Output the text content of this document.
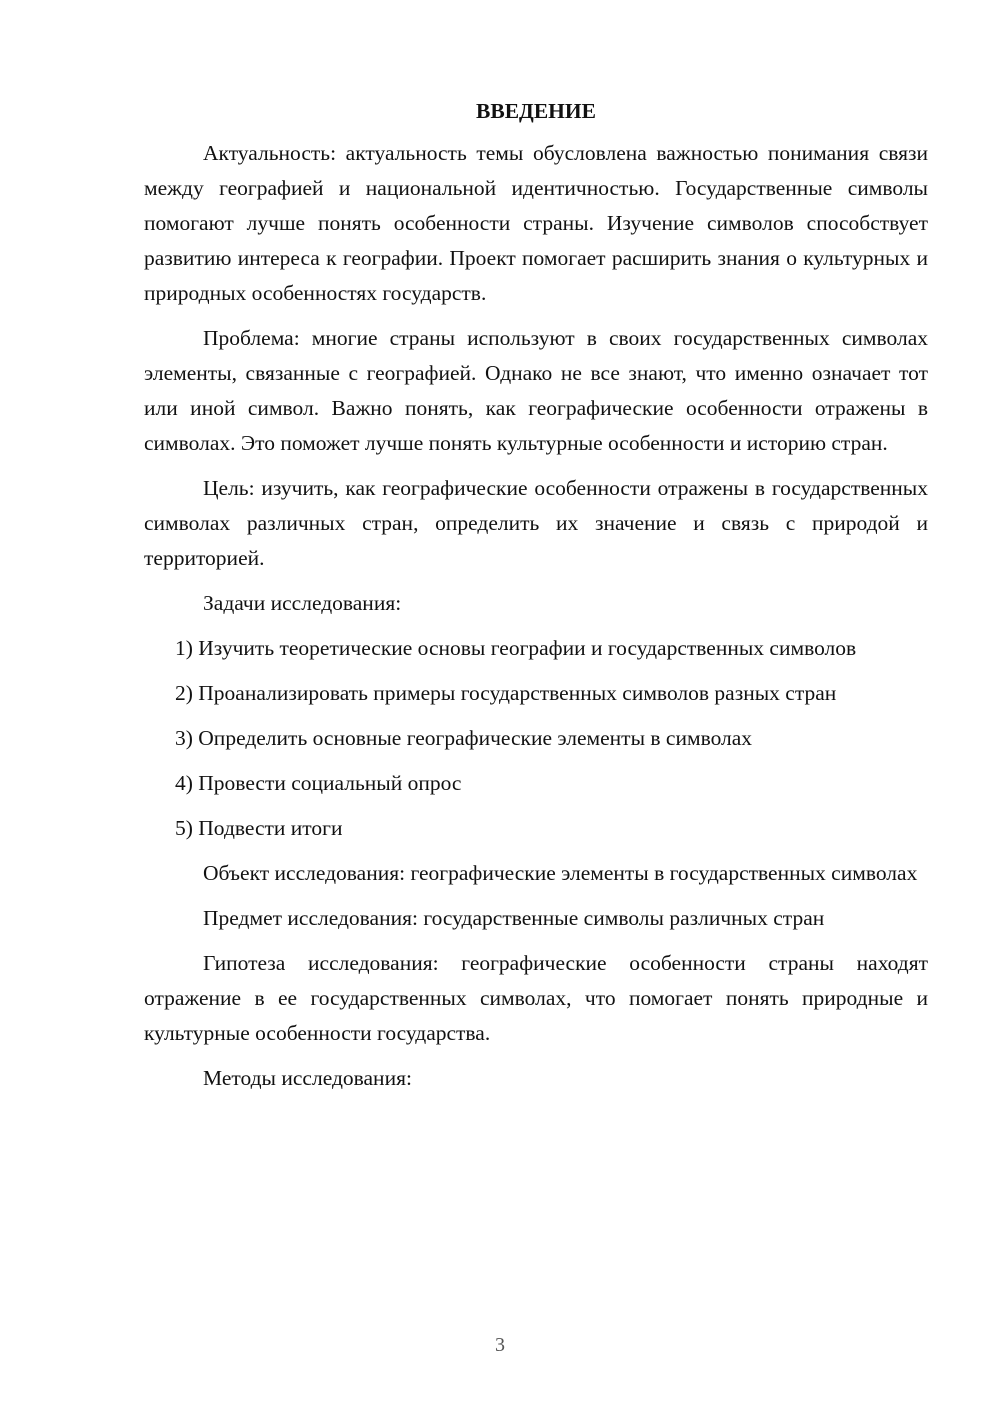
ВВЕДЕНИЕ

Актуальность: актуальность темы обусловлена важностью понимания связи между географией и национальной идентичностью. Государственные символы помогают лучше понять особенности страны. Изучение символов способствует развитию интереса к географии. Проект помогает расширить знания о культурных и природных особенностях государств.

Проблема: многие страны используют в своих государственных символах элементы, связанные с географией. Однако не все знают, что именно означает тот или иной символ. Важно понять, как географические особенности отражены в символах. Это поможет лучше понять культурные особенности и историю стран.

Цель: изучить, как географические особенности отражены в государственных символах различных стран, определить их значение и связь с природой и территорией.

Задачи исследования:

1) Изучить теоретические основы географии и государственных символов

2) Проанализировать примеры государственных символов разных стран

3) Определить основные географические элементы в символах

4) Провести социальный опрос

5) Подвести итоги

Объект исследования: географические элементы в государственных символах

Предмет исследования: государственные символы различных стран

Гипотеза исследования: географические особенности страны находят отражение в ее государственных символах, что помогает понять природные и культурные особенности государства.

Методы исследования:

3
